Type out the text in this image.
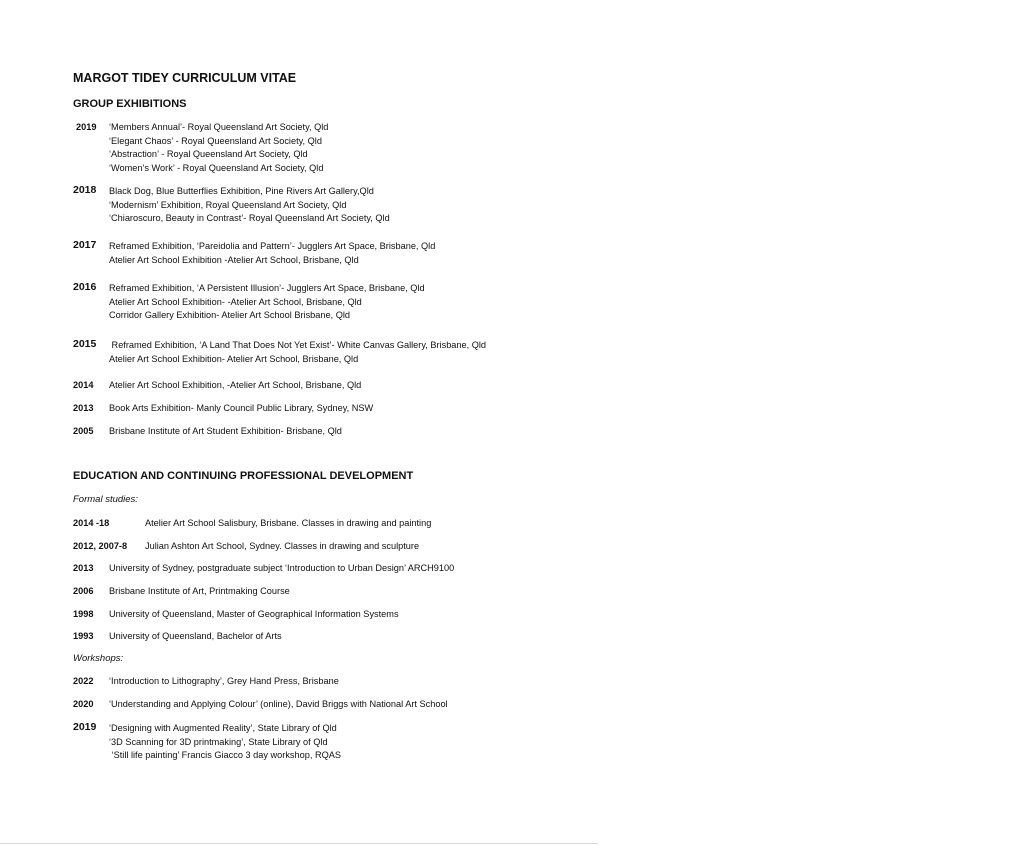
MARGOT TIDEY CURRICULUM VITAE
GROUP EXHIBITIONS
2019 ‘Members Annual’- Royal Queensland Art Society, Qld
‘Elegant Chaos’ - Royal Queensland Art Society, Qld
‘Abstraction’ - Royal Queensland Art Society, Qld
‘Women’s Work’ - Royal Queensland Art Society, Qld
2018 Black Dog, Blue Butterflies Exhibition, Pine Rivers Art Gallery,Qld
‘Modernism’ Exhibition, Royal Queensland Art Society, Qld
‘Chiaroscuro, Beauty in Contrast’- Royal Queensland Art Society, Qld
2017 Reframed Exhibition, ‘Pareidolia and Pattern’- Jugglers Art Space, Brisbane, Qld
Atelier Art School Exhibition -Atelier Art School, Brisbane, Qld
2016 Reframed Exhibition, ‘A Persistent Illusion’- Jugglers Art Space, Brisbane, Qld
Atelier Art School Exhibition- -Atelier Art School, Brisbane, Qld
Corridor Gallery Exhibition- Atelier Art School Brisbane, Qld
2015 Reframed Exhibition, ‘A Land That Does Not Yet Exist’- White Canvas Gallery, Brisbane, Qld
Atelier Art School Exhibition- Atelier Art School, Brisbane, Qld
2014 Atelier Art School Exhibition, -Atelier Art School, Brisbane, Qld
2013 Book Arts Exhibition- Manly Council Public Library, Sydney, NSW
2005 Brisbane Institute of Art Student Exhibition- Brisbane, Qld
EDUCATION AND CONTINUING PROFESSIONAL DEVELOPMENT
Formal studies:
2014 -18	Atelier Art School Salisbury, Brisbane. Classes in drawing and painting
2012, 2007-8 Julian Ashton Art School, Sydney. Classes in drawing and sculpture
2013 University of Sydney, postgraduate subject ‘Introduction to Urban Design’ ARCH9100
2006 Brisbane Institute of Art, Printmaking Course
1998 University of Queensland, Master of Geographical Information Systems
1993 University of Queensland, Bachelor of Arts
Workshops:
2022 ‘Introduction to Lithography’, Grey Hand Press, Brisbane
2020 ‘Understanding and Applying Colour’ (online), David Briggs with National Art School
2019 ‘Designing with Augmented Reality’, State Library of Qld
‘3D Scanning for 3D printmaking’, State Library of Qld
‘Still life painting’ Francis Giacco 3 day workshop, RQAS
